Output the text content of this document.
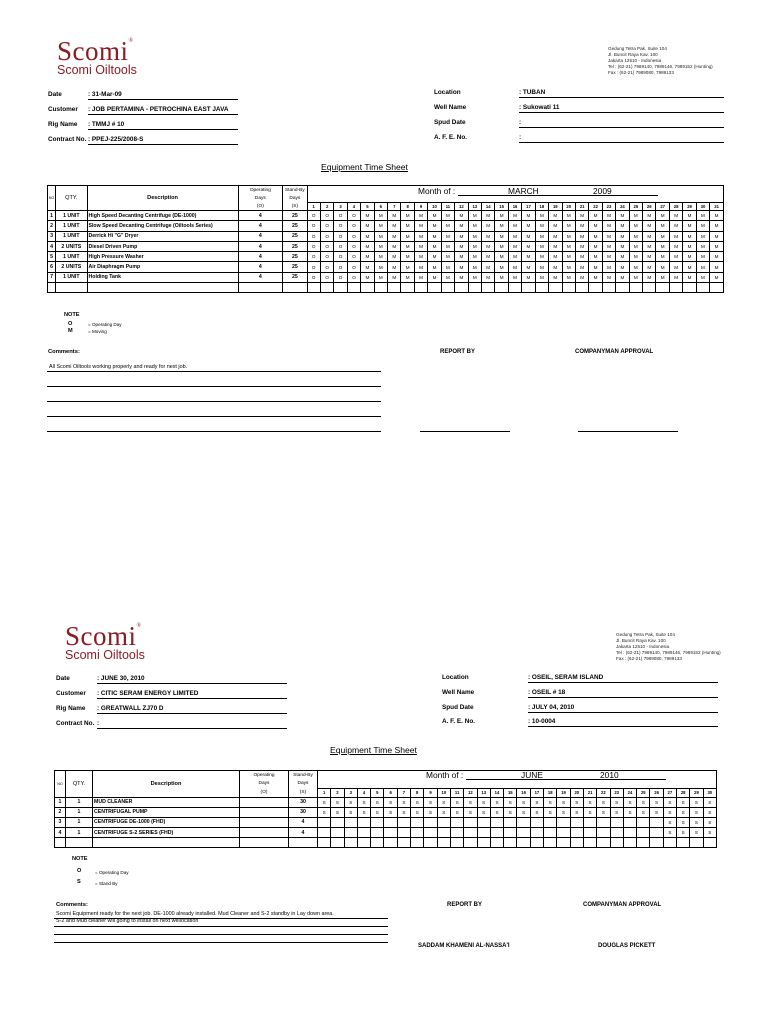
Scomi®
Scomi Oiltools
Gedung Tetra Pak, Suite 104
Jl. Buncit Raya Kav. 100
Jakarta 12510 - Indonesia
Tel : (62-21) 7989140, 7989146, 7989152 (Hunting)
Fax : (62-21) 7989080, 7989133
Date	: 31-Mar-09
Customer : JOB PERTAMINA - PETROCHINA EAST JAVA
Rig Name : TMMJ # 10
Contract No. : PPEJ-225/2008-S
Location	: TUBAN
Well Name	: Sukowati 11
Spud Date	:
A. F. E. No.	:
Equipment Time Sheet
Month of :	MARCH	2009
NO	QTY.	Description	Operating	Stand-By																															
			Days	Days																															
			(O)	(S)	1	2	3	4	5	6	7	8	9	10	11	12	13	14	15	16	17	18	19	20	21	22	23	24	25	26	27	28	29	30	31
1	1 UNIT	High Speed Decanting Centrifuge (DE-1000)	4	25	O	O	O	O	M	M	M	M	M	M	M	M	M	M	M	M	M	M	M	M	M	M	M	M	M	M	M	M	M	M	M
2	1 UNIT	Slow Speed Decanting Centrifuge (Oiltools Series)	4	25	O	O	O	O	M	M	M	M	M	M	M	M	M	M	M	M	M	M	M	M	M	M	M	M	M	M	M	M	M	M	M
3	1 UNIT	Derrick Hi "G" Dryer	4	25	O	O	O	O	M	M	M	M	M	M	M	M	M	M	M	M	M	M	M	M	M	M	M	M	M	M	M	M	M	M	M
4	2 UNITS	Diesel Driven Pump	4	25	O	O	O	O	M	M	M	M	M	M	M	M	M	M	M	M	M	M	M	M	M	M	M	M	M	M	M	M	M	M	M
5	1 UNIT	High Pressure Washer	4	25	O	O	O	O	M	M	M	M	M	M	M	M	M	M	M	M	M	M	M	M	M	M	M	M	M	M	M	M	M	M	M
6	2 UNITS	Air Diaphragm Pump	4	25	O	O	O	O	M	M	M	M	M	M	M	M	M	M	M	M	M	M	M	M	M	M	M	M	M	M	M	M	M	M	M
7	1 UNIT	Holding Tank	4	25	O	O	O	O	M	M	M	M	M	M	M	M	M	M	M	M	M	M	M	M	M	M	M	M	M	M	M	M	M	M	M

NOTE
O	= Operating Day
M	= Moving
Comments:
All Scomi Oiltools working properly and ready for next job.
REPORT BY	COMPANYMAN APPROVAL
Scomi®
Scomi Oiltools
Gedung Tetra Pak, Suite 104
Jl. Buncit Raya Kav. 100
Jakarta 12510 - Indonesia
Tel : (62-21) 7989140, 7989146, 7989152 (Hunting)
Fax : (62-21) 7989080, 7989133
Date	: JUNE 30, 2010
Customer : CITIC SERAM ENERGY LIMITED
Rig Name : GREATWALL ZJ70 D
Contract No. :
Location	: OSEIL, SERAM ISLAND
Well Name	: OSEIL # 18
Spud Date	: JULY 04, 2010
A. F. E. No.	: 10-0004
Equipment Time Sheet
Month of :	JUNE	2010
NO	QTY.	Description	Operating	Stand-By																														
			Days	Days																														
			(O)	(S)	1	2	3	4	5	6	7	8	9	10	11	12	13	14	15	16	17	18	19	20	21	22	23	24	25	26	27	28	29	30
1	1	MUD CLEANER		30	S	S	S	S	S	S	S	S	S	S	S	S	S	S	S	S	S	S	S	S	S	S	S	S	S	S	S	S	S	S
2	1	CENTRIFUGAL PUMP		30	S	S	S	S	S	S	S	S	S	S	S	S	S	S	S	S	S	S	S	S	S	S	S	S	S	S	S	S	S	S
3	1	CENTRIFUGE DE-1000 (FHD)		4																											S	S	S	S
4	1	CENTRIFUGE S-2 SERIES (FHD)		4																											S	S	S	S

NOTE
O	= Operating Day
S	= Stand By
Comments:
Scomi Equipment ready for the next job. DE-1000 already installed. Mud Cleaner and S-2 standby in Lay down area.
S-2 and Mud cleaner will going to install on next wellocation
REPORT BY	COMPANYMAN APPROVAL
SADDAM KHAMENI AL-NASSA'I	DOUGLAS PICKETT
